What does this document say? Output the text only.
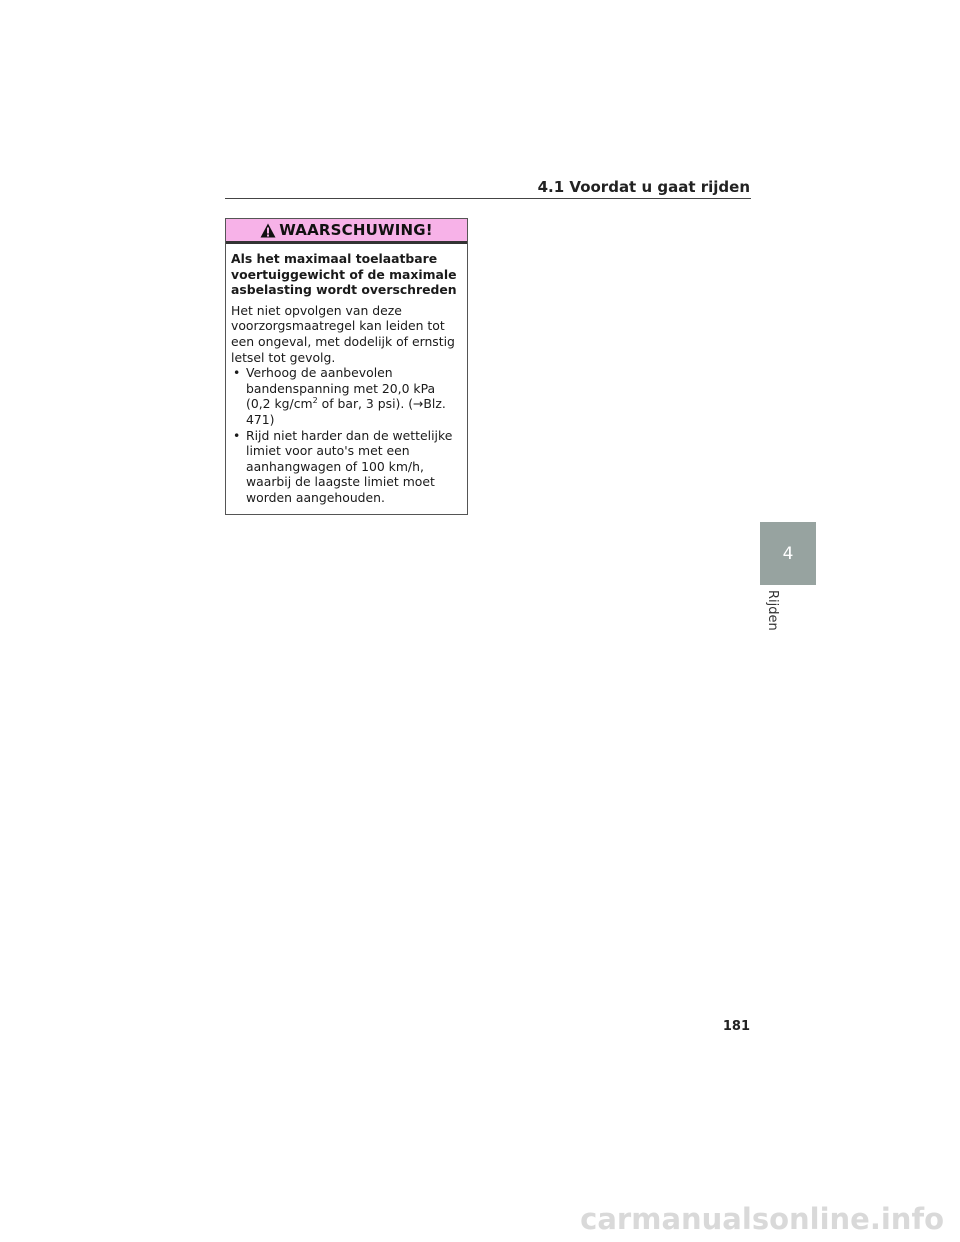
4.1 Voordat u gaat rijden
WAARSCHUWING!

Als het maximaal toelaatbare voertuiggewicht of de maximale asbelasting wordt overschreden

Het niet opvolgen van deze voorzorgsmaatregel kan leiden tot een ongeval, met dodelijk of ernstig letsel tot gevolg.

• Verhoog de aanbevolen bandenspanning met 20,0 kPa (0,2 $kg/cm^2$ of bar, 3 psi). (→Blz. 471)
• Rijd niet harder dan de wettelijke limiet voor auto's met een aanhangwagen of 100 km/h, waarbij de laagste limiet moet worden aangehouden.
4
Rijden
181
carmanualsonline.info
